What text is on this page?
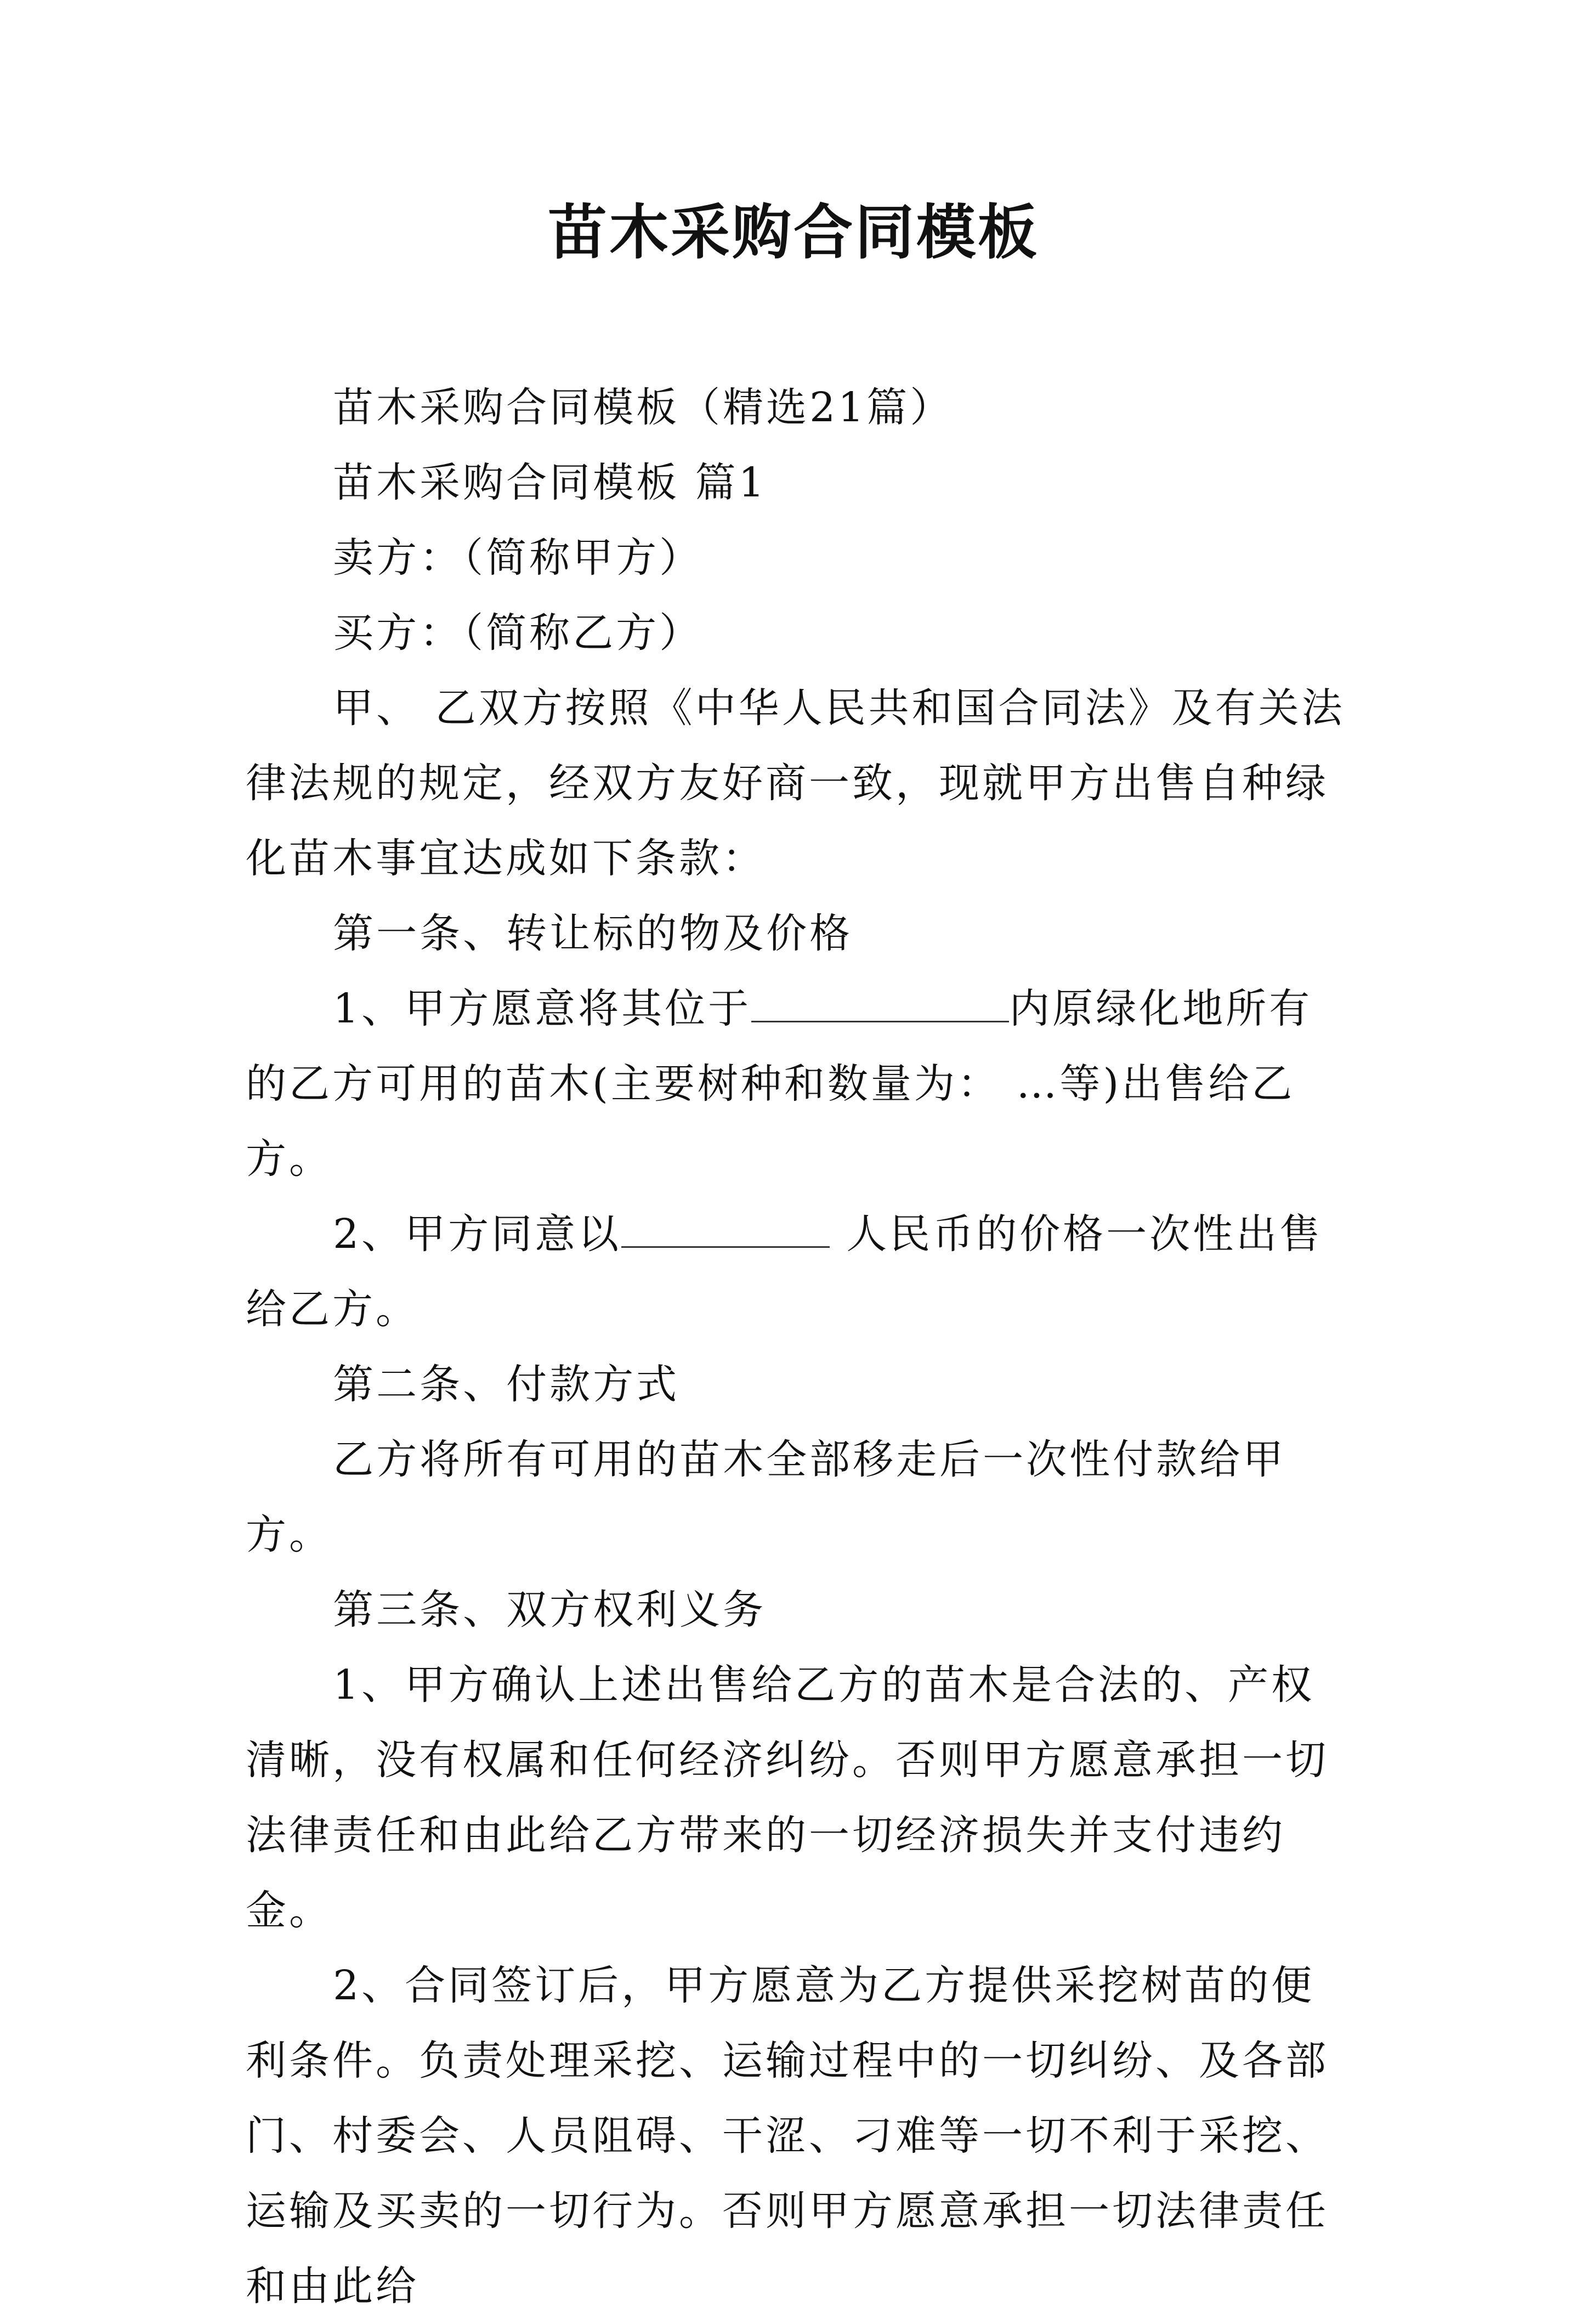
苗木采购合同模板

苗木采购合同模板（精选21篇）

苗木采购合同模板 篇1

卖方：（简称甲方）

买方：（简称乙方）

甲、 乙双方按照《中华人民共和国合同法》及有关法律法规的规定，经双方友好商一致，现就甲方出售自种绿化苗木事宜达成如下条款：

第一条、转让标的物及价格

1、甲方愿意将其位于	内原绿化地所有的乙方可用的苗木(主要树种和数量为： …等)出售给乙方。

2、甲方同意以	人民币的价格一次性出售给乙方。

第二条、付款方式

乙方将所有可用的苗木全部移走后一次性付款给甲方。

第三条、双方权利义务

1、甲方确认上述出售给乙方的苗木是合法的、产权清晰，没有权属和任何经济纠纷。否则甲方愿意承担一切法律责任和由此给乙方带来的一切经济损失并支付违约金。

2、合同签订后，甲方愿意为乙方提供采挖树苗的便利条件。负责处理采挖、运输过程中的一切纠纷、及各部门、村委会、人员阻碍、干涩、刁难等一切不利于采挖、运输及买卖的一切行为。否则甲方愿意承担一切法律责任和由此给
